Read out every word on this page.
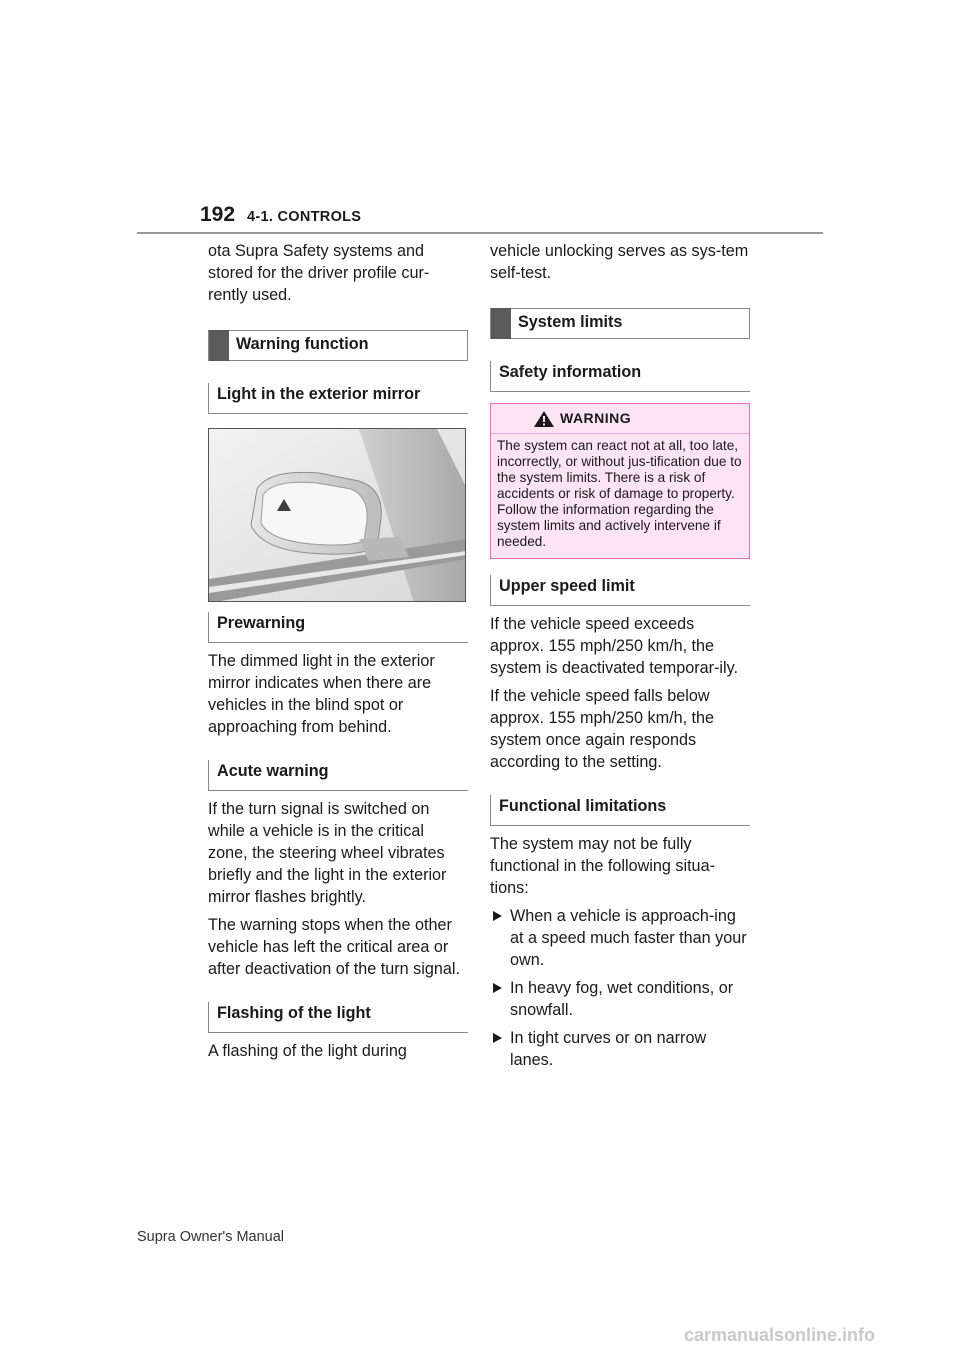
192 4-1. CONTROLS

ota Supra Safety systems and stored for the driver profile cur-rently used.

Warning function
Light in the exterior mirror
Prewarning

The dimmed light in the exterior mirror indicates when there are vehicles in the blind spot or approaching from behind.

Acute warning

If the turn signal is switched on while a vehicle is in the critical zone, the steering wheel vibrates briefly and the light in the exterior mirror flashes brightly.

The warning stops when the other vehicle has left the critical area or after deactivation of the turn signal.

Flashing of the light

A flashing of the light during

vehicle unlocking serves as sys-tem self-test.

System limits
Safety information
WARNING
The system can react not at all, too late, incorrectly, or without jus-tification due to the system limits. There is a risk of accidents or risk of damage to property. Follow the information regarding the system limits and actively intervene if needed.
Upper speed limit

If the vehicle speed exceeds approx. 155 mph/250 km/h, the system is deactivated temporar-ily.

If the vehicle speed falls below approx. 155 mph/250 km/h, the system once again responds according to the setting.

Functional limitations

The system may not be fully functional in the following situa-tions:

When a vehicle is approach-ing at a speed much faster than your own.
In heavy fog, wet conditions, or snowfall.
In tight curves or on narrow lanes.
Supra Owner's Manual
carmanualsonline.info
